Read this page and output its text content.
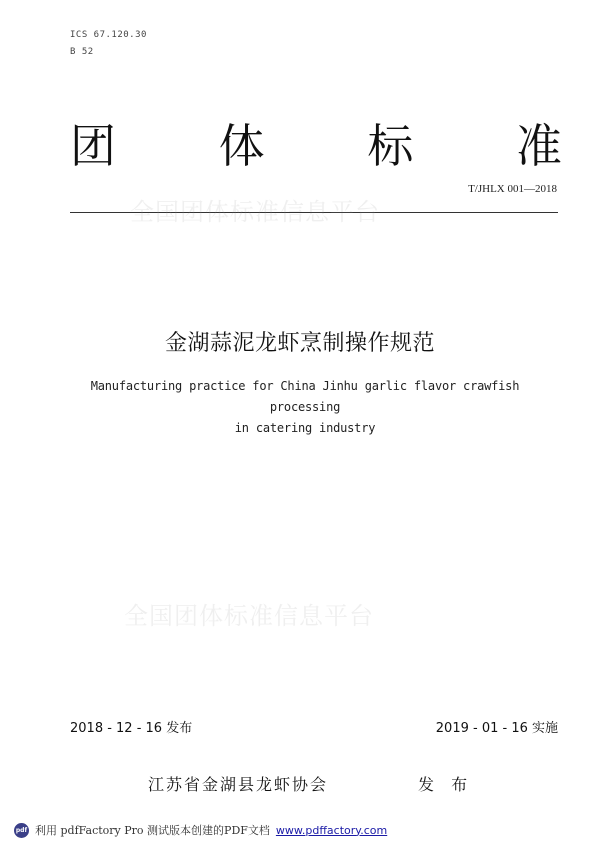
ICS 67.120.30
B 52
团 体 标 准
T/JHLX 001—2018
全国团体标准信息平台
金湖蒜泥龙虾烹制操作规范
Manufacturing practice for China Jinhu garlic flavor crawfish processing
in catering industry
全国团体标准信息平台
2018 - 12 - 16 发布	2019 - 01 - 16 实施
江苏省金湖县龙虾协会	发 布
pdf 利用 pdfFactory Pro 测试版本创建的PDF文档 www.pdffactory.com
